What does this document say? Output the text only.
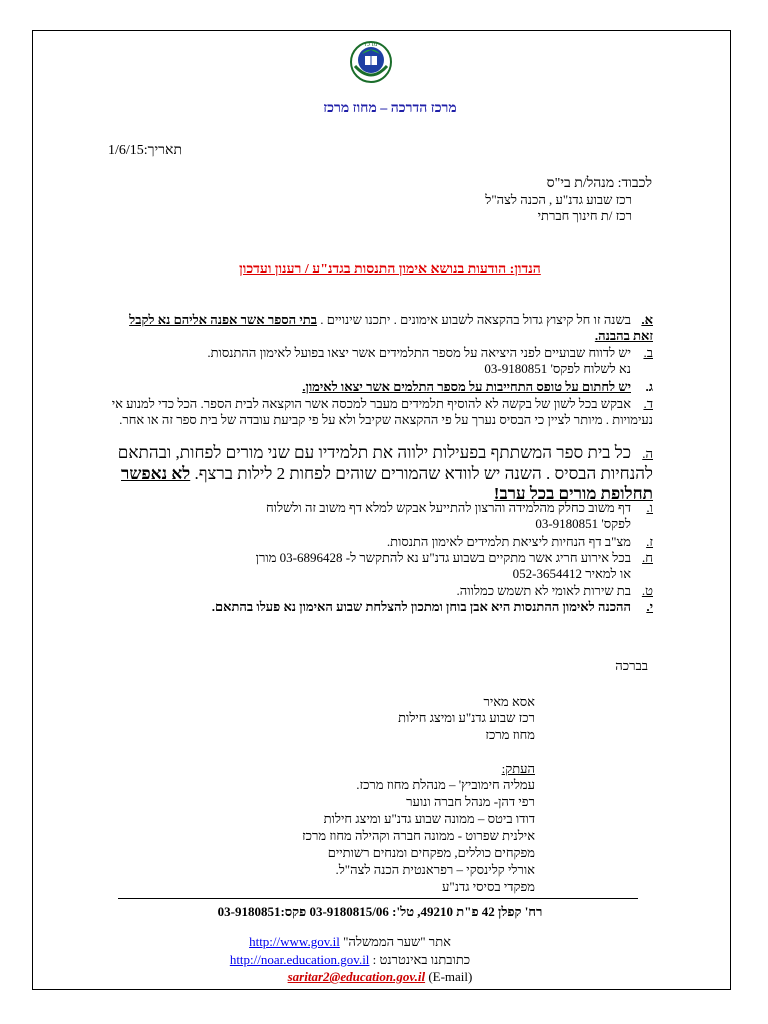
מרכז
מרכז הדרכה – מחוז מרכז
תאריך:1/6/15
לכבוד: מנהל/ת בי"ס
רכז שבוע גדנ"ע , הכנה לצה"ל
רכז /ת חינוך חברתי
הנדון: הודעות בנושא אימון התנסות בגדנ"ע / רענון ועדכון
א.בשנה זו חל קיצוץ גדול בהקצאה לשבוע אימונים . יתכנו שינויים . בתי הספר אשר אפנה אליהם נא לקבל זאת בהבנה.
ב.יש לדווח שבועיים לפני היציאה על מספר התלמידים אשר יצאו בפועל לאימון ההתנסות.
נא לשלוח לפקס' 03-9180851
ג.יש לחתום על טופס התחייבות על מספר התלמים אשר יצאו לאימון.
ד.אבקש בכל לשון של בקשה לא להוסיף תלמידים מעבר למכסה אשר הוקצאה לבית הספר. הכל כדי למנוע אי נעימויות . מיותר לציין כי הבסיס נערך על פי ההקצאה שקיבל ולא על פי קביעת עובדה של בית ספר זה או אחר.
ה.כל בית ספר המשתתף בפעילות ילווה את תלמידיו עם שני מורים לפחות, ובהתאם להנחיות הבסיס . השנה יש לוודא שהמורים שוהים לפחות 2 לילות ברצף. לא נאפשר תחלופת מורים בכל ערב!
ו.דף משוב כחלק מהלמידה והרצון להתייעל אבקש למלא דף משוב זה ולשלוח
לפקס' 03-9180851
ז.מצ"ב דף הנחיות ליציאת תלמידים לאימון התנסות.
ח.בכל אירוע חריג אשר מתקיים בשבוע גדנ"ע נא להתקשר ל- 03-6896428 מורן
או למאיר 052-3654412
ט.בת שירות לאומי לא תשמש כמלווה.
י.ההכנה לאימון ההתנסות היא אבן בוחן ומתכון להצלחת שבוע האימון נא פעלו בהתאם.
בברכה
אסא מאיר
רכז שבוע גדנ"ע ומיצג חילות
מחוז מרכז
העתק:
עמליה חימוביץ' – מנהלת מחוז מרכז.
רפי דהן- מנהל חברה ונוער
דודו ביטס – ממונה שבוע גדנ"ע ומיצג חילות
אילנית שפרוט - ממונה חברה וקהילה מחוז מרכז
מפקחים כוללים, מפקחים ומנחים רשותיים
אורלי קלינסקי – רפראנטית הכנה לצה"ל.
מפקדי בסיסי גדנ"ע
רח' קפלן 42 פ"ת 49210, טל': 03-9180815/06 פקס:03-9180851
אתר "שער הממשלה" http://www.gov.il
כתובתנו באינטרנט : http://noar.education.gov.il
saritar2@education.gov.il (E-mail)
